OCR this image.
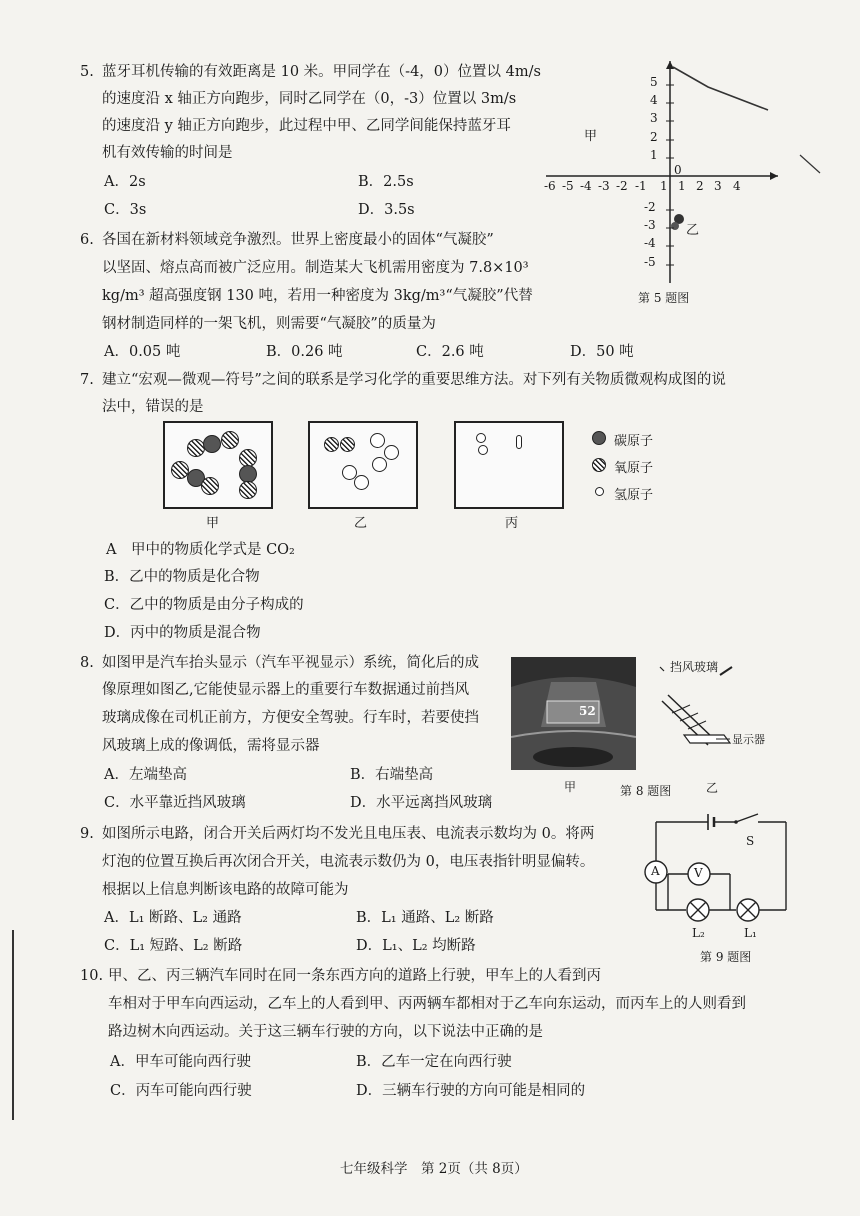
5. 蓝牙耳机传输的有效距离是 10 米。甲同学在（-4，0）位置以 4m/s
的速度沿 x 轴正方向跑步，同时乙同学在（0，-3）位置以 3m/s
的速度沿 y 轴正方向跑步，此过程中甲、乙同学间能保持蓝牙耳
机有效传输的时间是
A．2s	B．2.5s
C．3s	D．3.5s
5
4
3
2
1
0
-2
-3
-4
-5
-6 -5 -4 -3 -2 -1 1 1 2 3 4
甲
乙
第 5 题图
6. 各国在新材料领域竞争激烈。世界上密度最小的固体“气凝胶”
以坚固、熔点高而被广泛应用。制造某大飞机需用密度为 7.8×10³
kg/m³ 超高强度钢 130 吨，若用一种密度为 3kg/m³“气凝胶”代替
钢材制造同样的一架飞机，则需要“气凝胶”的质量为
A．0.05 吨	B．0.26 吨	C．2.6 吨	D．50 吨
7. 建立“宏观—微观—符号”之间的联系是学习化学的重要思维方法。对下列有关物质微观构成图的说
法中，错误的是
甲	乙	丙
碳原子
氧原子
氢原子
A　甲中的物质化学式是 CO₂
B．乙中的物质是化合物
C．乙中的物质是由分子构成的
D．丙中的物质是混合物
8. 如图甲是汽车抬头显示（汽车平视显示）系统，简化后的成
像原理如图乙,它能使显示器上的重要行车数据通过前挡风
玻璃成像在司机正前方，方便安全驾驶。行车时，若要使挡
风玻璃上成的像调低，需将显示器
A．左端垫高	B．右端垫高
C．水平靠近挡风玻璃	D．水平远离挡风玻璃
52
甲	第 8 题图
挡风玻璃
显示器
乙
9. 如图所示电路，闭合开关后两灯均不发光且电压表、电流表示数均为 0。将两
灯泡的位置互换后再次闭合开关，电流表示数仍为 0，电压表指针明显偏转。
根据以上信息判断该电路的故障可能为
A．L₁ 断路、L₂ 通路	B．L₁ 通路、L₂ 断路
C．L₁ 短路、L₂ 断路	D．L₁、L₂ 均断路
A	V
S
L₂	L₁
第 9 题图
10. 甲、乙、丙三辆汽车同时在同一条东西方向的道路上行驶，甲车上的人看到丙
车相对于甲车向西运动，乙车上的人看到甲、丙两辆车都相对于乙车向东运动，而丙车上的人则看到
路边树木向西运动。关于这三辆车行驶的方向，以下说法中正确的是
A．甲车可能向西行驶	B．乙车一定在向西行驶
C．丙车可能向西行驶	D．三辆车行驶的方向可能是相同的
七年级科学　第 2页（共 8页）
